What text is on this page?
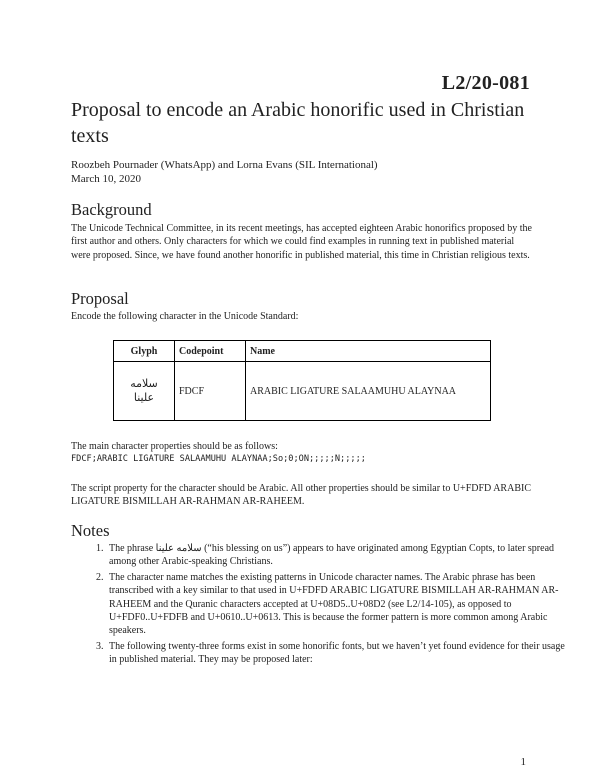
L2/20-081
Proposal to encode an Arabic honorific used in Christian texts
Roozbeh Pournader (WhatsApp) and Lorna Evans (SIL International)
March 10, 2020
Background
The Unicode Technical Committee, in its recent meetings, has accepted eighteen Arabic honorifics proposed by the first author and others. Only characters for which we could find examples in running text in published material were proposed. Since, we have found another honorific in published material, this time in Christian religious texts.
Proposal
Encode the following character in the Unicode Standard:
Glyph	Codepoint	Name
سلامه علينا	FDCF	ARABIC LIGATURE SALAAMUHU ALAYNAA
The main character properties should be as follows:
FDCF;ARABIC LIGATURE SALAAMUHU ALAYNAA;So;0;ON;;;;;N;;;;;
The script property for the character should be Arabic. All other properties should be similar to U+FDFD ARABIC LIGATURE BISMILLAH AR-RAHMAN AR-RAHEEM.
Notes
1. The phrase سلامه علينا (“his blessing on us”) appears to have originated among Egyptian Copts, to later spread among other Arabic-speaking Christians.
2. The character name matches the existing patterns in Unicode character names. The Arabic phrase has been transcribed with a key similar to that used in U+FDFD ARABIC LIGATURE BISMILLAH AR-RAHMAN AR-RAHEEM and the Quranic characters accepted at U+08D5..U+08D2 (see L2/14-105), as opposed to U+FDF0..U+FDFB and U+0610..U+0613. This is because the former pattern is more common among Arabic speakers.
3. The following twenty-three forms exist in some honorific fonts, but we haven’t yet found evidence for their usage in published material. They may be proposed later:
1
